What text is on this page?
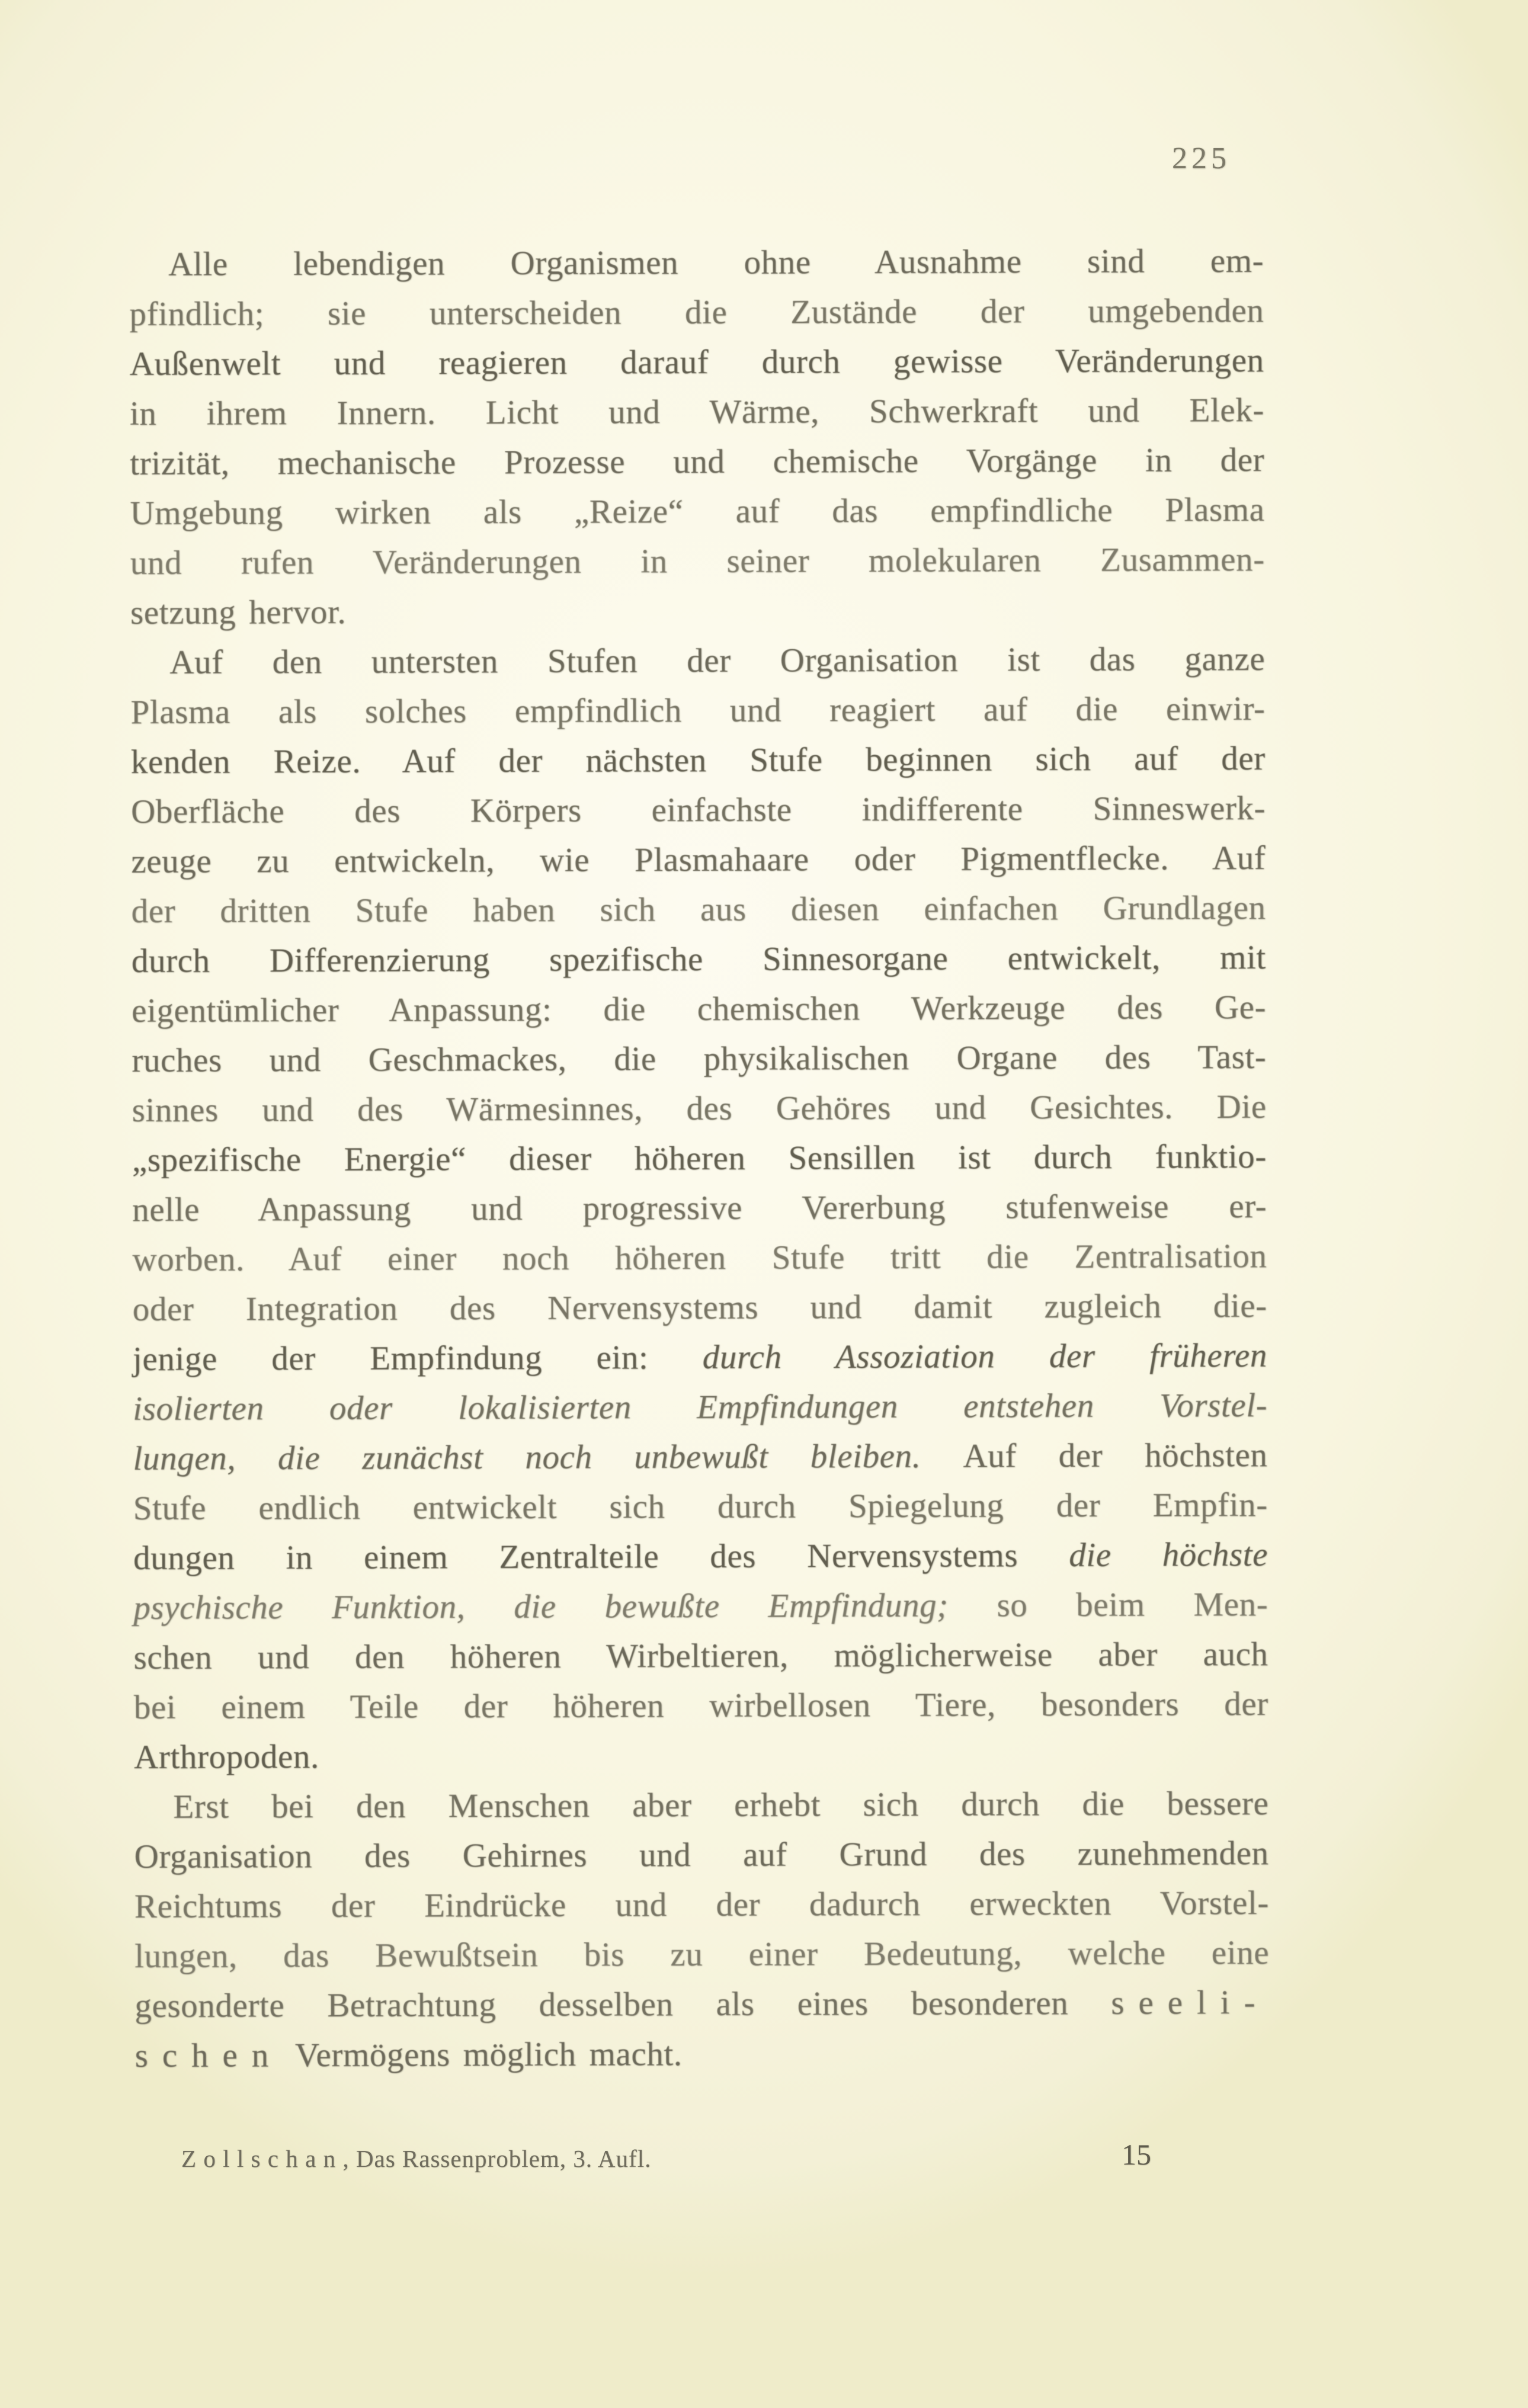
225
Alle lebendigen Organismen ohne Ausnahme sind em-
pfindlich; sie unterscheiden die Zustände der umgebenden
Außenwelt und reagieren darauf durch gewisse Veränderungen
in ihrem Innern. Licht und Wärme, Schwerkraft und Elek-
trizität, mechanische Prozesse und chemische Vorgänge in der
Umgebung wirken als „Reize“ auf das empfindliche Plasma
und rufen Veränderungen in seiner molekularen Zusammen-
setzung hervor.
Auf den untersten Stufen der Organisation ist das ganze
Plasma als solches empfindlich und reagiert auf die einwir-
kenden Reize. Auf der nächsten Stufe beginnen sich auf der
Oberfläche des Körpers einfachste indifferente Sinneswerk-
zeuge zu entwickeln, wie Plasmahaare oder Pigmentflecke. Auf
der dritten Stufe haben sich aus diesen einfachen Grundlagen
durch Differenzierung spezifische Sinnesorgane entwickelt, mit
eigentümlicher Anpassung: die chemischen Werkzeuge des Ge-
ruches und Geschmackes, die physikalischen Organe des Tast-
sinnes und des Wärmesinnes, des Gehöres und Gesichtes. Die
„spezifische Energie“ dieser höheren Sensillen ist durch funktio-
nelle Anpassung und progressive Vererbung stufenweise er-
worben. Auf einer noch höheren Stufe tritt die Zentralisation
oder Integration des Nervensystems und damit zugleich die-
jenige der Empfindung ein: durch Assoziation der früheren
isolierten oder lokalisierten Empfindungen entstehen Vorstel-
lungen, die zunächst noch unbewußt bleiben. Auf der höchsten
Stufe endlich entwickelt sich durch Spiegelung der Empfin-
dungen in einem Zentralteile des Nervensystems die höchste
psychische Funktion, die bewußte Empfindung; so beim Men-
schen und den höheren Wirbeltieren, möglicherweise aber auch
bei einem Teile der höheren wirbellosen Tiere, besonders der
Arthropoden.
Erst bei den Menschen aber erhebt sich durch die bessere
Organisation des Gehirnes und auf Grund des zunehmenden
Reichtums der Eindrücke und der dadurch erweckten Vorstel-
lungen, das Bewußtsein bis zu einer Bedeutung, welche eine
gesonderte Betrachtung desselben als eines besonderen seeli-
schen Vermögens möglich macht.
Zollschan, Das Rassenproblem, 3. Aufl.	15
